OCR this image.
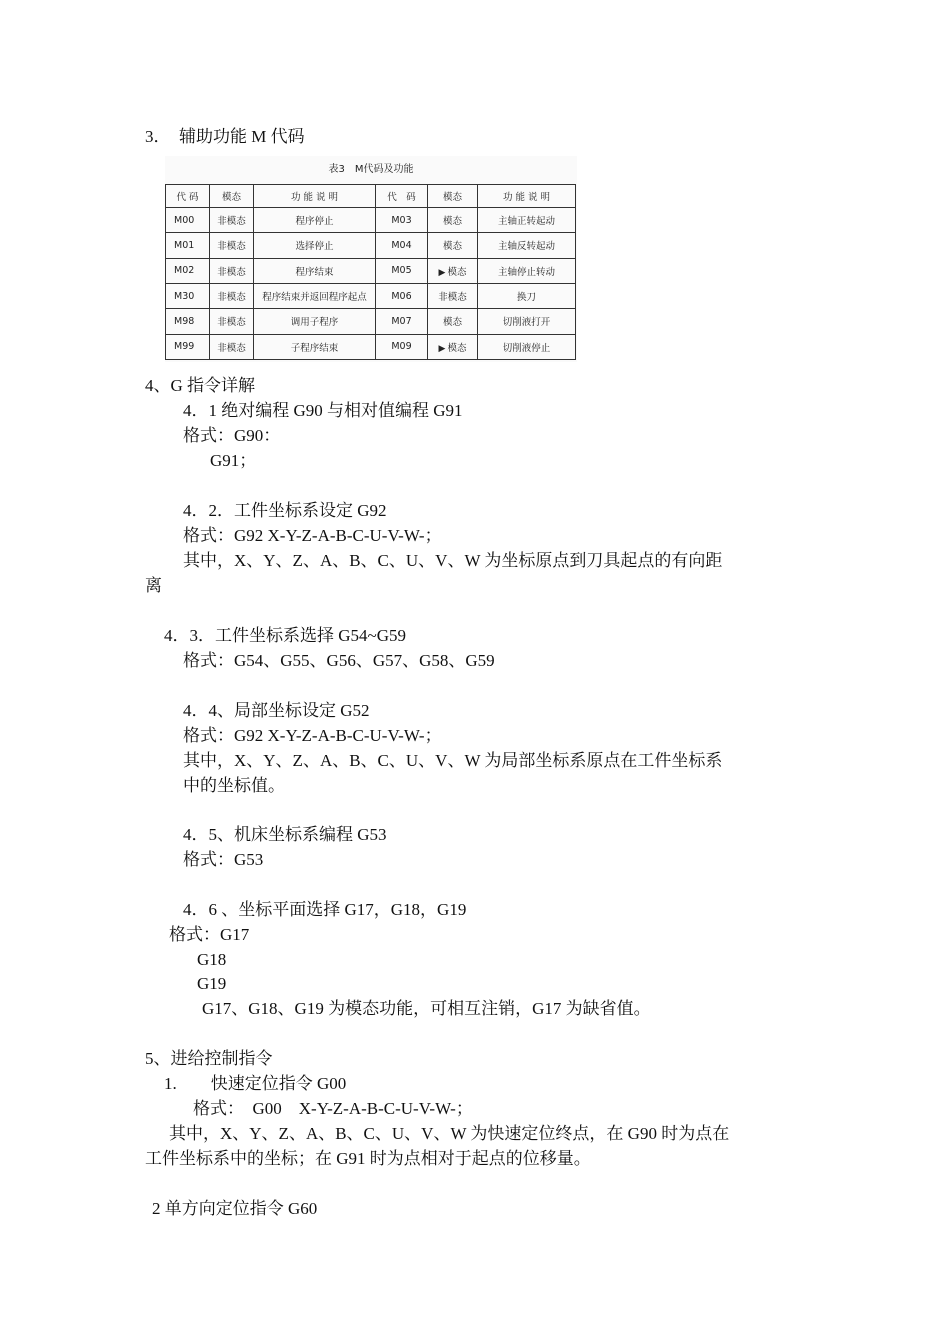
3．　辅助功能 M 代码
表3　M代码及功能
代 码	模态	功 能 说 明	代　码	模态	功 能 说 明
M00	非模态	程序停止	M03	模态	主轴正转起动
M01	非模态	选择停止	M04	模态	主轴反转起动
M02	非模态	程序结束	M05	▶ 模态	主轴停止转动
M30	非模态	程序结束并返回程序起点	M06	非模态	换刀
M98	非模态	调用子程序	M07	模态	切削液打开
M99	非模态	子程序结束	M09	▶ 模态	切削液停止
4、G 指令详解
4．1 绝对编程 G90 与相对值编程 G91
格式：G90：
G91；
4．2．工件坐标系设定 G92
格式：G92 X-Y-Z-A-B-C-U-V-W-；
其中，X、Y、Z、A、B、C、U、V、W 为坐标原点到刀具起点的有向距
离
4．3．工件坐标系选择 G54~G59
格式：G54、G55、G56、G57、G58、G59
4．4、局部坐标设定 G52
格式：G92 X-Y-Z-A-B-C-U-V-W-；
其中，X、Y、Z、A、B、C、U、V、W 为局部坐标系原点在工件坐标系
中的坐标值。
4．5、机床坐标系编程 G53
格式：G53
4．6 、坐标平面选择 G17，G18，G19
格式：G17
G18
G19
G17、G18、G19 为模态功能，可相互注销，G17 为缺省值。
5、进给控制指令
1.　　快速定位指令 G00
格式：　G00　X-Y-Z-A-B-C-U-V-W-；
其中，X、Y、Z、A、B、C、U、V、W 为快速定位终点，在 G90 时为点在
工件坐标系中的坐标；在 G91 时为点相对于起点的位移量。
2 单方向定位指令 G60
